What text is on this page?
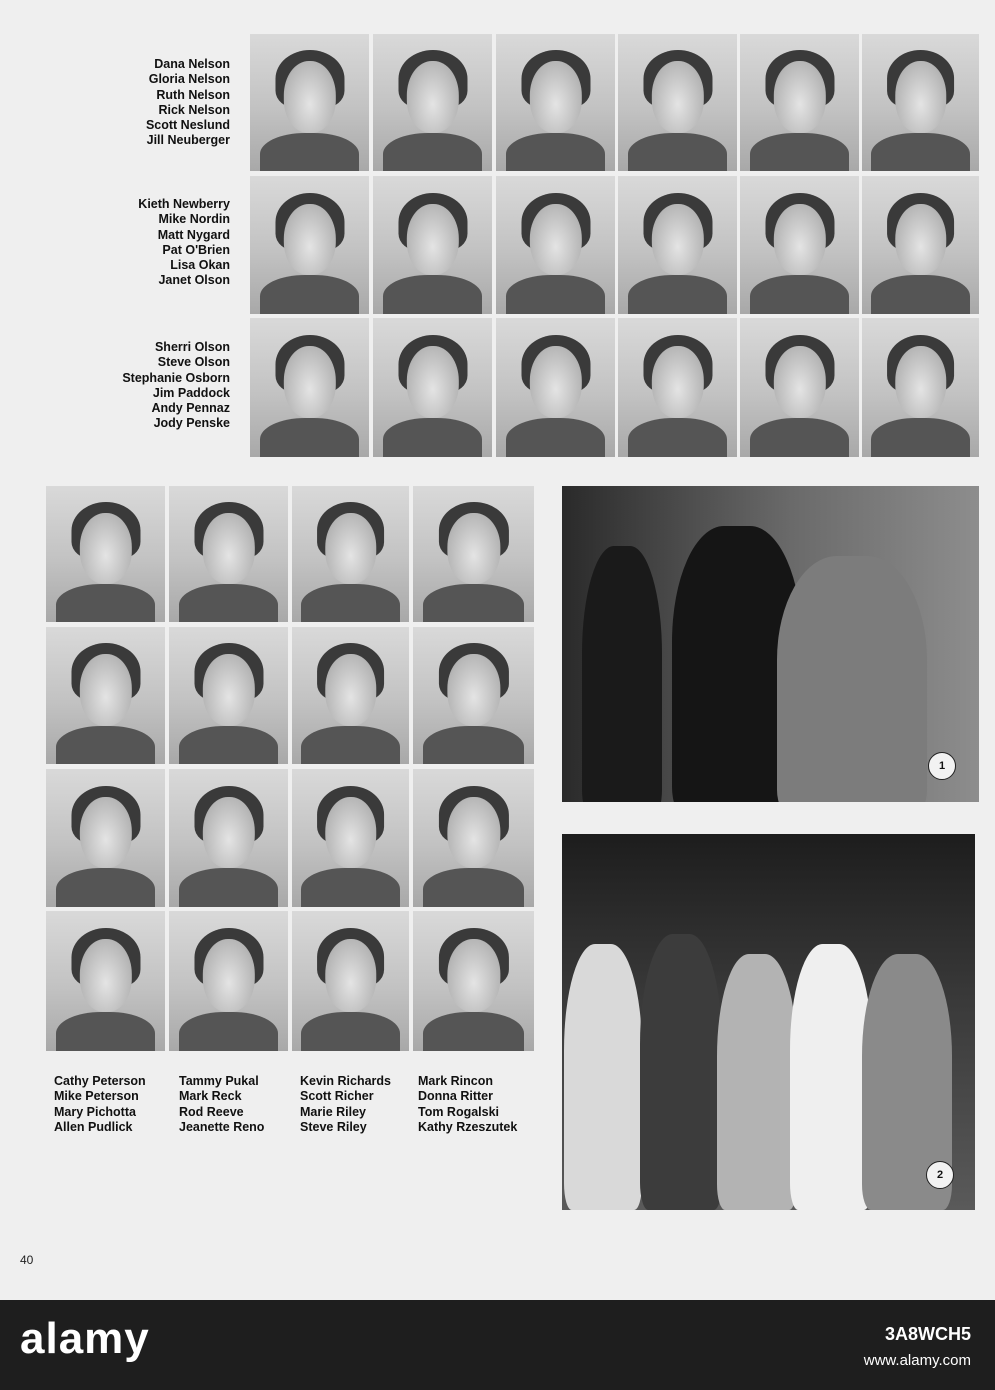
Dana Nelson
Gloria Nelson
Ruth Nelson
Rick Nelson
Scott Neslund
Jill Neuberger
Kieth Newberry
Mike Nordin
Matt Nygard
Pat O'Brien
Lisa Okan
Janet Olson
Sherri Olson
Steve Olson
Stephanie Osborn
Jim Paddock
Andy Pennaz
Jody Penske
Cathy Peterson
Mike Peterson
Mary Pichotta
Allen Pudlick
Tammy Pukal
Mark Reck
Rod Reeve
Jeanette Reno
Kevin Richards
Scott Richer
Marie Riley
Steve Riley
Mark Rincon
Donna Ritter
Tom Rogalski
Kathy Rzeszutek
1
2
40
alamy	3A8WCH5
www.alamy.com
